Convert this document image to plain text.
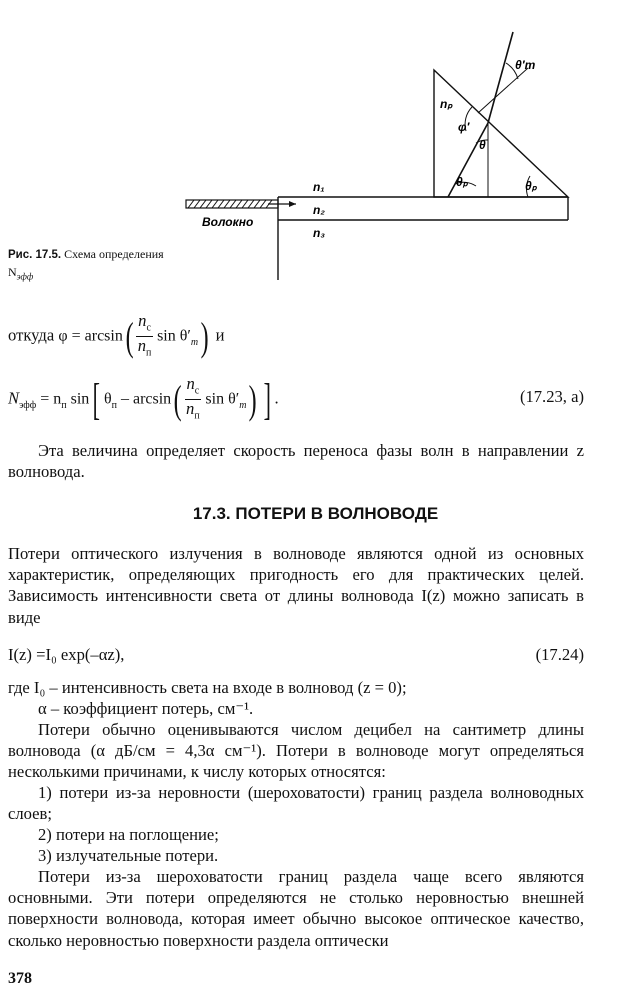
Волокно
n₁
n₂
n₃
nₚ
θₚ
θₚ
θ
φ′
θ′m
Рис. 17.5. Схема определения $N_{эфф}$
откуда $\varphi = \arcsin( \frac{n_c}{n_п}$ $\sin \theta'_m$) и
$N_{эфф} = n_п$ sin[ $\theta_п - \arcsin( \frac{n_c}{n_п}$ $\sin \theta'_m$) ] .	(17.23, а)
Эта величина определяет скорость переноса фазы волн в направлении z волновода.
17.3. ПОТЕРИ В ВОЛНОВОДЕ
Потери оптического излучения в волноводе являются одной из основных характеристик, определяющих пригодность его для практических целей. Зависимость интенсивности света от длины волновода I(z) можно записать в виде
I(z) =I₀ exp(–αz),	(17.24)
где I₀ – интенсивность света на входе в волновод (z = 0);
α – коэффициент потерь, см⁻¹.
Потери обычно оценивываются числом децибел на сантиметр длины волновода (α дБ/см = 4,3α см⁻¹). Потери в волноводе могут определяться несколькими причинами, к числу которых относятся:
1) потери из-за неровности (шероховатости) границ раздела волноводных слоев;
2) потери на поглощение;
3) излучательные потери.
Потери из-за шероховатости границ раздела чаще всего являются основными. Эти потери определяются не столько неровностью внешней поверхности волновода, которая имеет обычно высокое оптическое качество, сколько неровностью поверхности раздела оптически
378
